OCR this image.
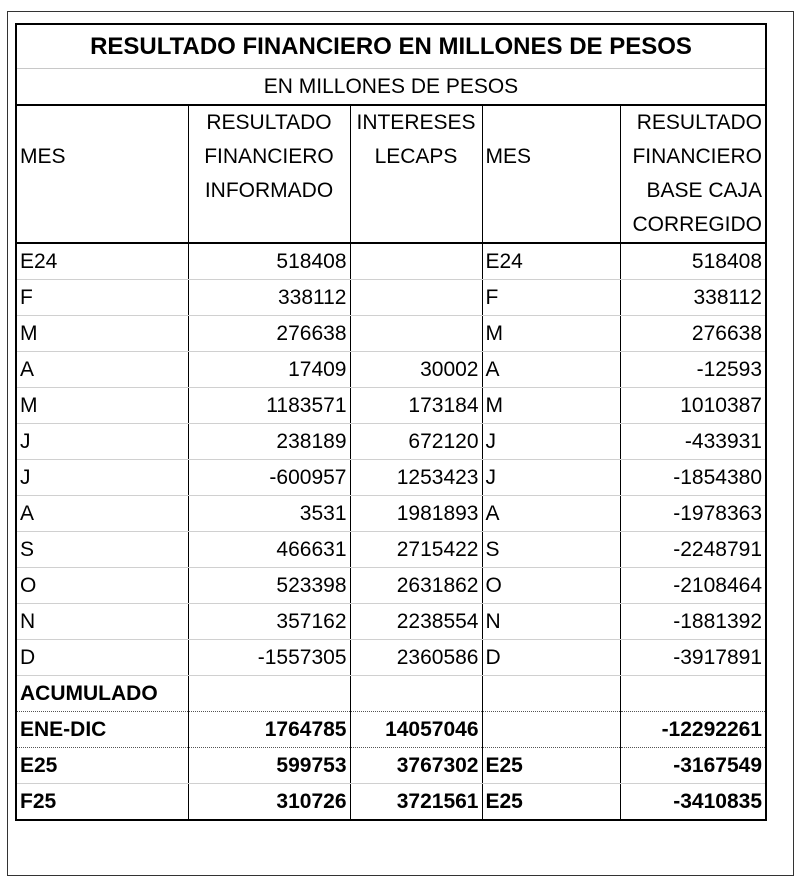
RESULTADO FINANCIERO EN MILLONES DE PESOS				
EN MILLONES DE PESOS				
	RESULTADO	INTERESES		RESULTADO
MES	FINANCIERO	LECAPS	MES	FINANCIERO
	INFORMADO			BASE CAJA
				CORREGIDO
E24	518408		E24	518408
F	338112		F	338112
M	276638		M	276638
A	17409	30002	A	-12593
M	1183571	173184	M	1010387
J	238189	672120	J	-433931
J	-600957	1253423	J	-1854380
A	3531	1981893	A	-1978363
S	466631	2715422	S	-2248791
O	523398	2631862	O	-2108464
N	357162	2238554	N	-1881392
D	-1557305	2360586	D	-3917891
ACUMULADO				
ENE-DIC	1764785	14057046		-12292261
E25	599753	3767302	E25	-3167549
F25	310726	3721561	E25	-3410835
